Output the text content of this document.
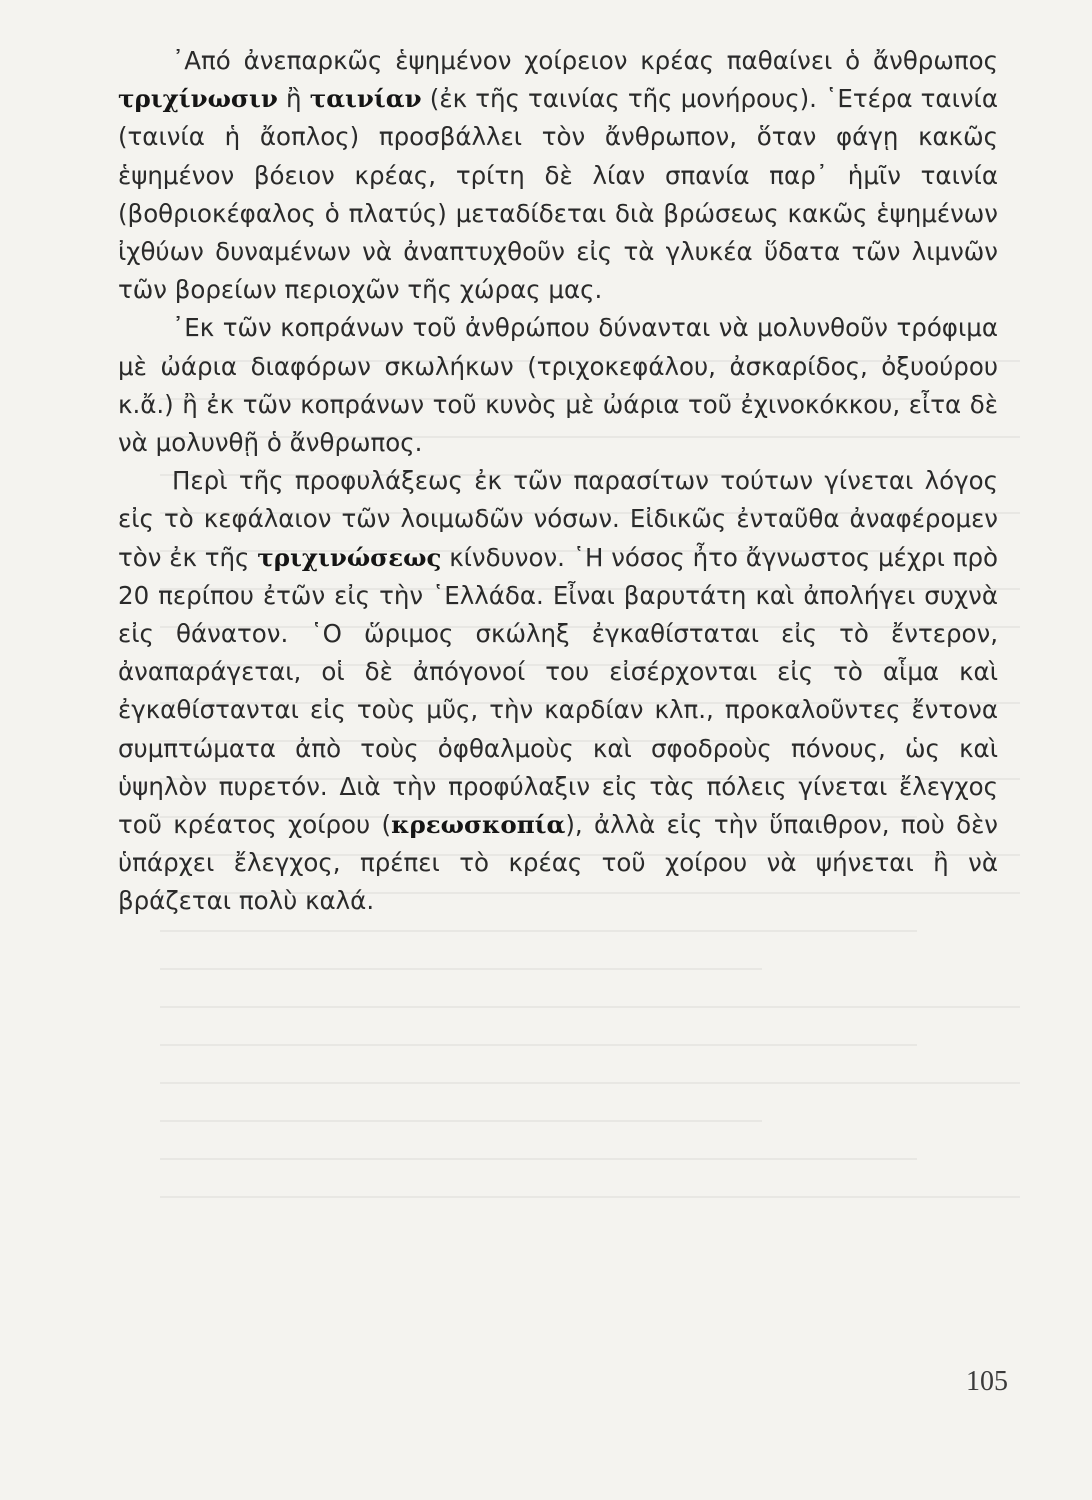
᾿Από ἀνεπαρκῶς ἑψημένον χοίρειον κρέας παθαίνει ὁ ἄνθρωπος τριχίνωσιν ἢ ταινίαν (ἐκ τῆς ταινίας τῆς μονήρους). ῾Ετέρα ταινία (ταινία ἡ ἄοπλος) προσβάλλει τὸν ἄνθρωπον, ὅταν φάγῃ κακῶς ἑψημένον βόειον κρέας, τρίτη δὲ λίαν σπανία παρ᾿ ἡμῖν ταινία (βοθριοκέφαλος ὁ πλατύς) μεταδίδεται διὰ βρώσεως κακῶς ἑψημένων ἰχθύων δυναμένων νὰ ἀναπτυχθοῦν εἰς τὰ γλυκέα ὕδατα τῶν λιμνῶν τῶν βορείων περιοχῶν τῆς χώρας μας.

᾿Εκ τῶν κοπράνων τοῦ ἀνθρώπου δύνανται νὰ μολυνθοῦν τρόφιμα μὲ ὠάρια διαφόρων σκωλήκων (τριχοκεφάλου, ἀσκαρίδος, ὀξυούρου κ.ἄ.) ἢ ἐκ τῶν κοπράνων τοῦ κυνὸς μὲ ὠάρια τοῦ ἐχινοκόκκου, εἶτα δὲ νὰ μολυνθῇ ὁ ἄνθρωπος.

Περὶ τῆς προφυλάξεως ἐκ τῶν παρασίτων τούτων γίνεται λόγος εἰς τὸ κεφάλαιον τῶν λοιμωδῶν νόσων. Εἰδικῶς ἐνταῦθα ἀναφέρομεν τὸν ἐκ τῆς τριχινώσεως κίνδυνον. ῾Η νόσος ἦτο ἄγνωστος μέχρι πρὸ 20 περίπου ἐτῶν εἰς τὴν ῾Ελλάδα. Εἶναι βαρυτάτη καὶ ἀπολήγει συχνὰ εἰς θάνατον. ῾Ο ὥριμος σκώληξ ἐγκαθίσταται εἰς τὸ ἔντερον, ἀναπαράγεται, οἱ δὲ ἀπόγονοί του εἰσέρχονται εἰς τὸ αἷμα καὶ ἐγκαθίστανται εἰς τοὺς μῦς, τὴν καρδίαν κλπ., προκαλοῦντες ἔντονα συμπτώματα ἀπὸ τοὺς ὀφθαλμοὺς καὶ σφοδροὺς πόνους, ὡς καὶ ὑψηλὸν πυρετόν. Διὰ τὴν προφύλαξιν εἰς τὰς πόλεις γίνεται ἔλεγχος τοῦ κρέατος χοίρου (κρεωσκοπία), ἀλλὰ εἰς τὴν ὕπαιθρον, ποὺ δὲν ὑπάρχει ἔλεγχος, πρέπει τὸ κρέας τοῦ χοίρου νὰ ψήνεται ἢ νὰ βράζεται πολὺ καλά.

105
